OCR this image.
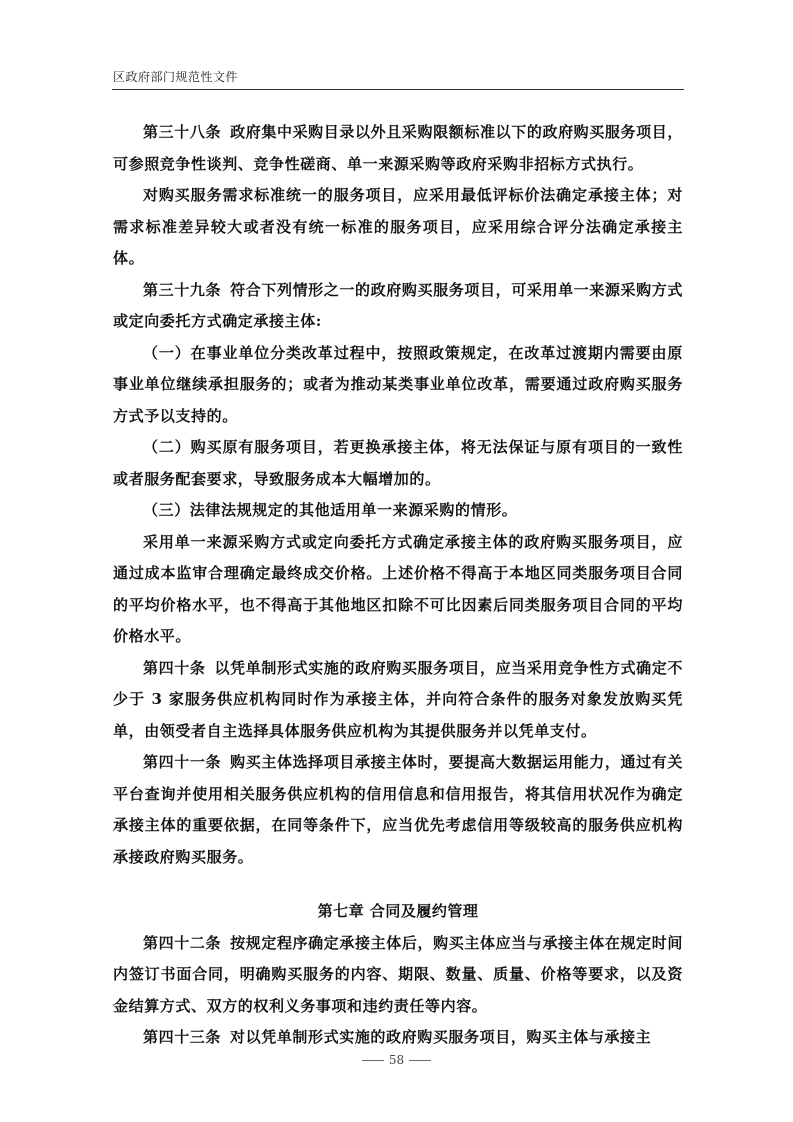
区政府部门规范性文件

第三十八条 政府集中采购目录以外且采购限额标准以下的政府购买服务项目，可参照竞争性谈判、竞争性磋商、单一来源采购等政府采购非招标方式执行。

对购买服务需求标准统一的服务项目，应采用最低评标价法确定承接主体；对需求标准差异较大或者没有统一标准的服务项目，应采用综合评分法确定承接主体。

第三十九条 符合下列情形之一的政府购买服务项目，可采用单一来源采购方式或定向委托方式确定承接主体:

（一）在事业单位分类改革过程中，按照政策规定，在改革过渡期内需要由原事业单位继续承担服务的；或者为推动某类事业单位改革，需要通过政府购买服务方式予以支持的。

（二）购买原有服务项目，若更换承接主体，将无法保证与原有项目的一致性或者服务配套要求，导致服务成本大幅增加的。

（三）法律法规规定的其他适用单一来源采购的情形。

采用单一来源采购方式或定向委托方式确定承接主体的政府购买服务项目，应通过成本监审合理确定最终成交价格。上述价格不得高于本地区同类服务项目合同的平均价格水平，也不得高于其他地区扣除不可比因素后同类服务项目合同的平均价格水平。

第四十条 以凭单制形式实施的政府购买服务项目，应当采用竞争性方式确定不少于 3 家服务供应机构同时作为承接主体，并向符合条件的服务对象发放购买凭单，由领受者自主选择具体服务供应机构为其提供服务并以凭单支付。

第四十一条 购买主体选择项目承接主体时，要提高大数据运用能力，通过有关平台查询并使用相关服务供应机构的信用信息和信用报告，将其信用状况作为确定承接主体的重要依据，在同等条件下，应当优先考虑信用等级较高的服务供应机构承接政府购买服务。

第七章 合同及履约管理

第四十二条 按规定程序确定承接主体后，购买主体应当与承接主体在规定时间内签订书面合同，明确购买服务的内容、期限、数量、质量、价格等要求，以及资金结算方式、双方的权利义务事项和违约责任等内容。

第四十三条 对以凭单制形式实施的政府购买服务项目，购买主体与承接主

58
